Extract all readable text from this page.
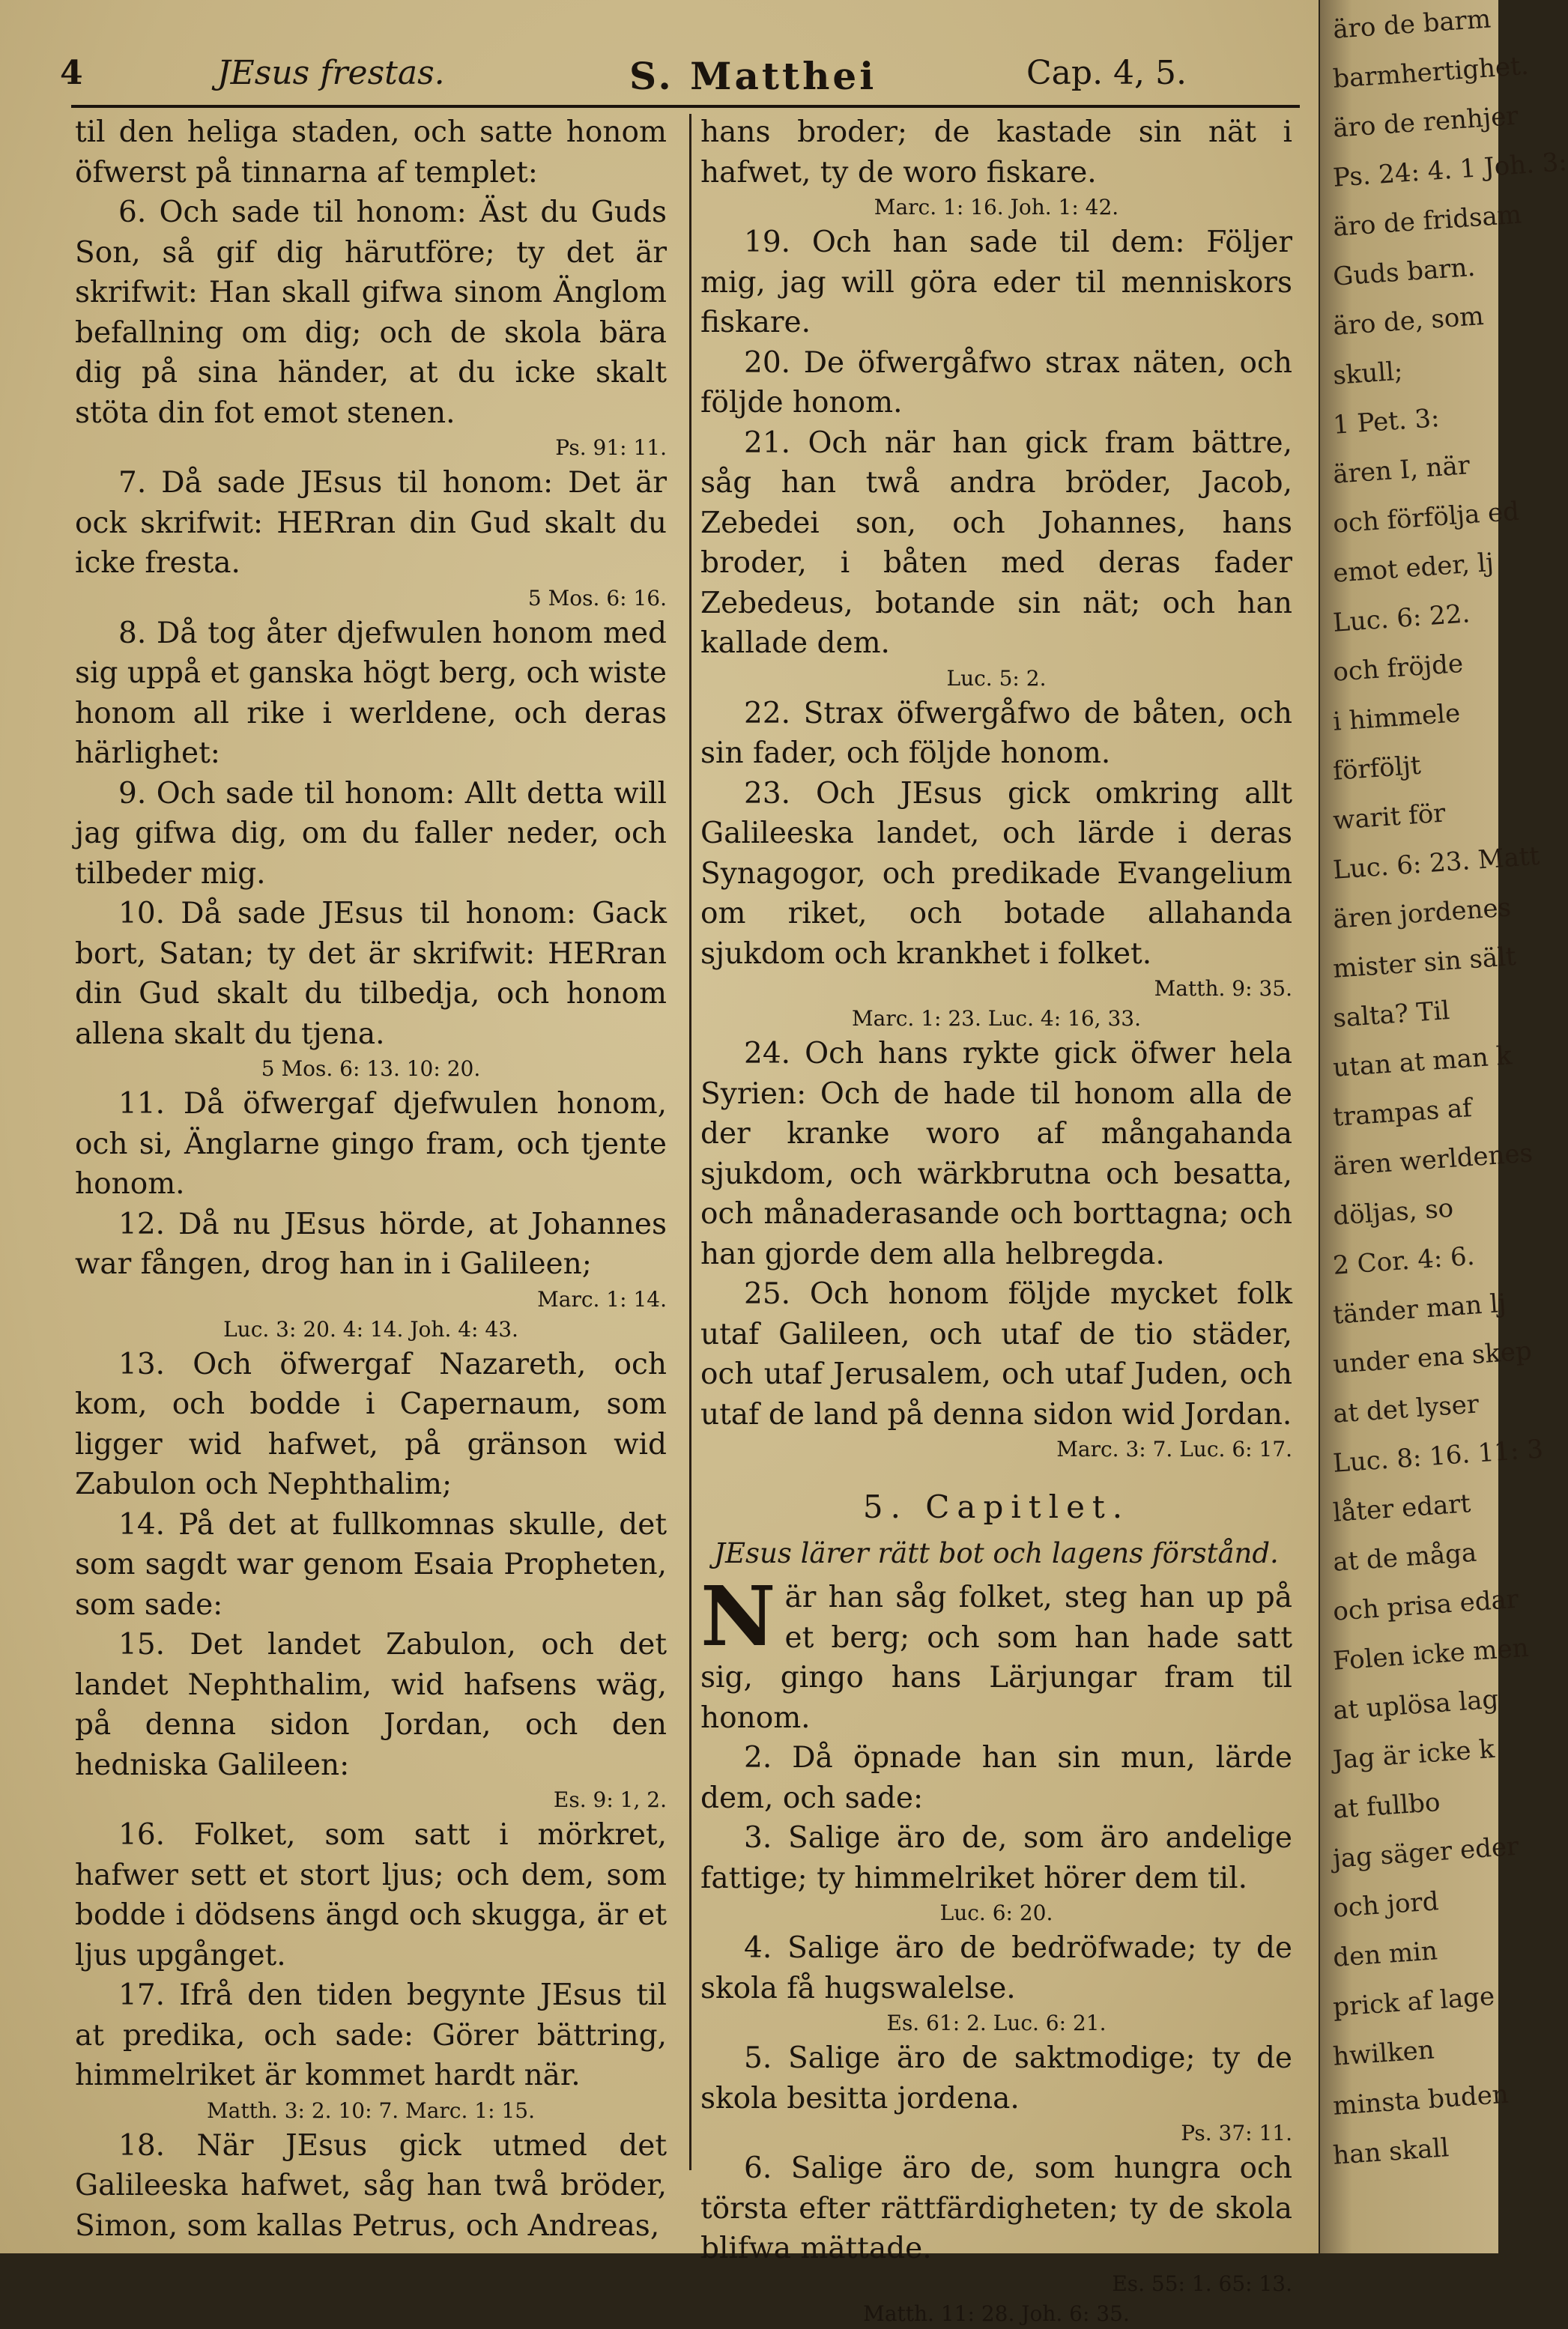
4	JEsus frestas.	S. Matthei	Cap. 4, 5.

til den heliga staden, och satte honom öfwerst på tinnarna af templet:

6. Och sade til honom: Äst du Guds Son, så gif dig härutföre; ty det är skrifwit: Han skall gifwa sinom Änglom befallning om dig; och de skola bära dig på sina händer, at du icke skalt stöta din fot emot stenen.

Ps. 91: 11.

7. Då sade JEsus til honom: Det är ock skrifwit: HERran din Gud skalt du icke fresta.

5 Mos. 6: 16.

8. Då tog åter djefwulen honom med sig uppå et ganska högt berg, och wiste honom all rike i werldene, och deras härlighet:

9. Och sade til honom: Allt detta will jag gifwa dig, om du faller neder, och tilbeder mig.

10. Då sade JEsus til honom: Gack bort, Satan; ty det är skrifwit: HERran din Gud skalt du tilbedja, och honom allena skalt du tjena.

5 Mos. 6: 13. 10: 20.

11. Då öfwergaf djefwulen honom, och si, Änglarne gingo fram, och tjente honom.

12. Då nu JEsus hörde, at Johannes war fången, drog han in i Galileen;

Marc. 1: 14.

Luc. 3: 20. 4: 14. Joh. 4: 43.

13. Och öfwergaf Nazareth, och kom, och bodde i Capernaum, som ligger wid hafwet, på gränson wid Zabulon och Nephthalim;

14. På det at fullkomnas skulle, det som sagdt war genom Esaia Propheten, som sade:

15. Det landet Zabulon, och det landet Nephthalim, wid hafsens wäg, på denna sidon Jordan, och den hedniska Galileen:

Es. 9: 1, 2.

16. Folket, som satt i mörkret, hafwer sett et stort ljus; och dem, som bodde i dödsens ängd och skugga, är et ljus upgånget.

17. Ifrå den tiden begynte JEsus til at predika, och sade: Görer bättring, himmelriket är kommet hardt när.

Matth. 3: 2. 10: 7. Marc. 1: 15.

18. När JEsus gick utmed det Galileeska hafwet, såg han twå bröder, Simon, som kallas Petrus, och Andreas,

hans broder; de kastade sin nät i hafwet, ty de woro fiskare.

Marc. 1: 16. Joh. 1: 42.

19. Och han sade til dem: Följer mig, jag will göra eder til menniskors fiskare.

20. De öfwergåfwo strax näten, och följde honom.

21. Och när han gick fram bättre, såg han twå andra bröder, Jacob, Zebedei son, och Johannes, hans broder, i båten med deras fader Zebedeus, botande sin nät; och han kallade dem.

Luc. 5: 2.

22. Strax öfwergåfwo de båten, och sin fader, och följde honom.

23. Och JEsus gick omkring allt Galileeska landet, och lärde i deras Synagogor, och predikade Evangelium om riket, och botade allahanda sjukdom och krankhet i folket.

Matth. 9: 35.

Marc. 1: 23. Luc. 4: 16, 33.

24. Och hans rykte gick öfwer hela Syrien: Och de hade til honom alla de der kranke woro af mångahanda sjukdom, och wärkbrutna och besatta, och månaderasande och borttagna; och han gjorde dem alla helbregda.

25. Och honom följde mycket folk utaf Galileen, och utaf de tio städer, och utaf Jerusalem, och utaf Juden, och utaf de land på denna sidon wid Jordan.

Marc. 3: 7. Luc. 6: 17.

5. Capitlet.

JEsus lärer rätt bot och lagens förstånd.

När han såg folket, steg han up på et berg; och som han hade satt sig, gingo hans Lärjungar fram til honom.

2. Då öpnade han sin mun, lärde dem, och sade:

3. Salige äro de, som äro andelige fattige; ty himmelriket hörer dem til.

Luc. 6: 20.

4. Salige äro de bedröfwade; ty de skola få hugswalelse.

Es. 61: 2. Luc. 6: 21.

5. Salige äro de saktmodige; ty de skola besitta jordena.

Ps. 37: 11.

6. Salige äro de, som hungra och törsta efter rättfärdigheten; ty de skola blifwa mättade.

Es. 55: 1. 65: 13.

Matth. 11: 28. Joh. 6: 35.

äro de barm
barmhertighet.
äro de renhjer
Ps. 24: 4. 1 Joh. 3:
äro de fridsam
Guds barn.
äro de, som
skull;
1 Pet. 3:
ären I, när
och förfölja ed
emot eder, lj
Luc. 6: 22.
och fröjde
i himmele
förföljt
warit för
Luc. 6: 23. Matt
ären jordenes
mister sin sält
salta? Til
utan at man k
trampas af
ären werldenes
döljas, so
2 Cor. 4: 6.
tänder man lj
under ena skep
at det lyser
Luc. 8: 16. 11: 3
låter edart
at de måga
och prisa edar
Folen icke men
at uplösa lag
Jag är icke k
at fullbo
jag säger eder
och jord
den min
prick af lage
hwilken
minsta buden
han skall
